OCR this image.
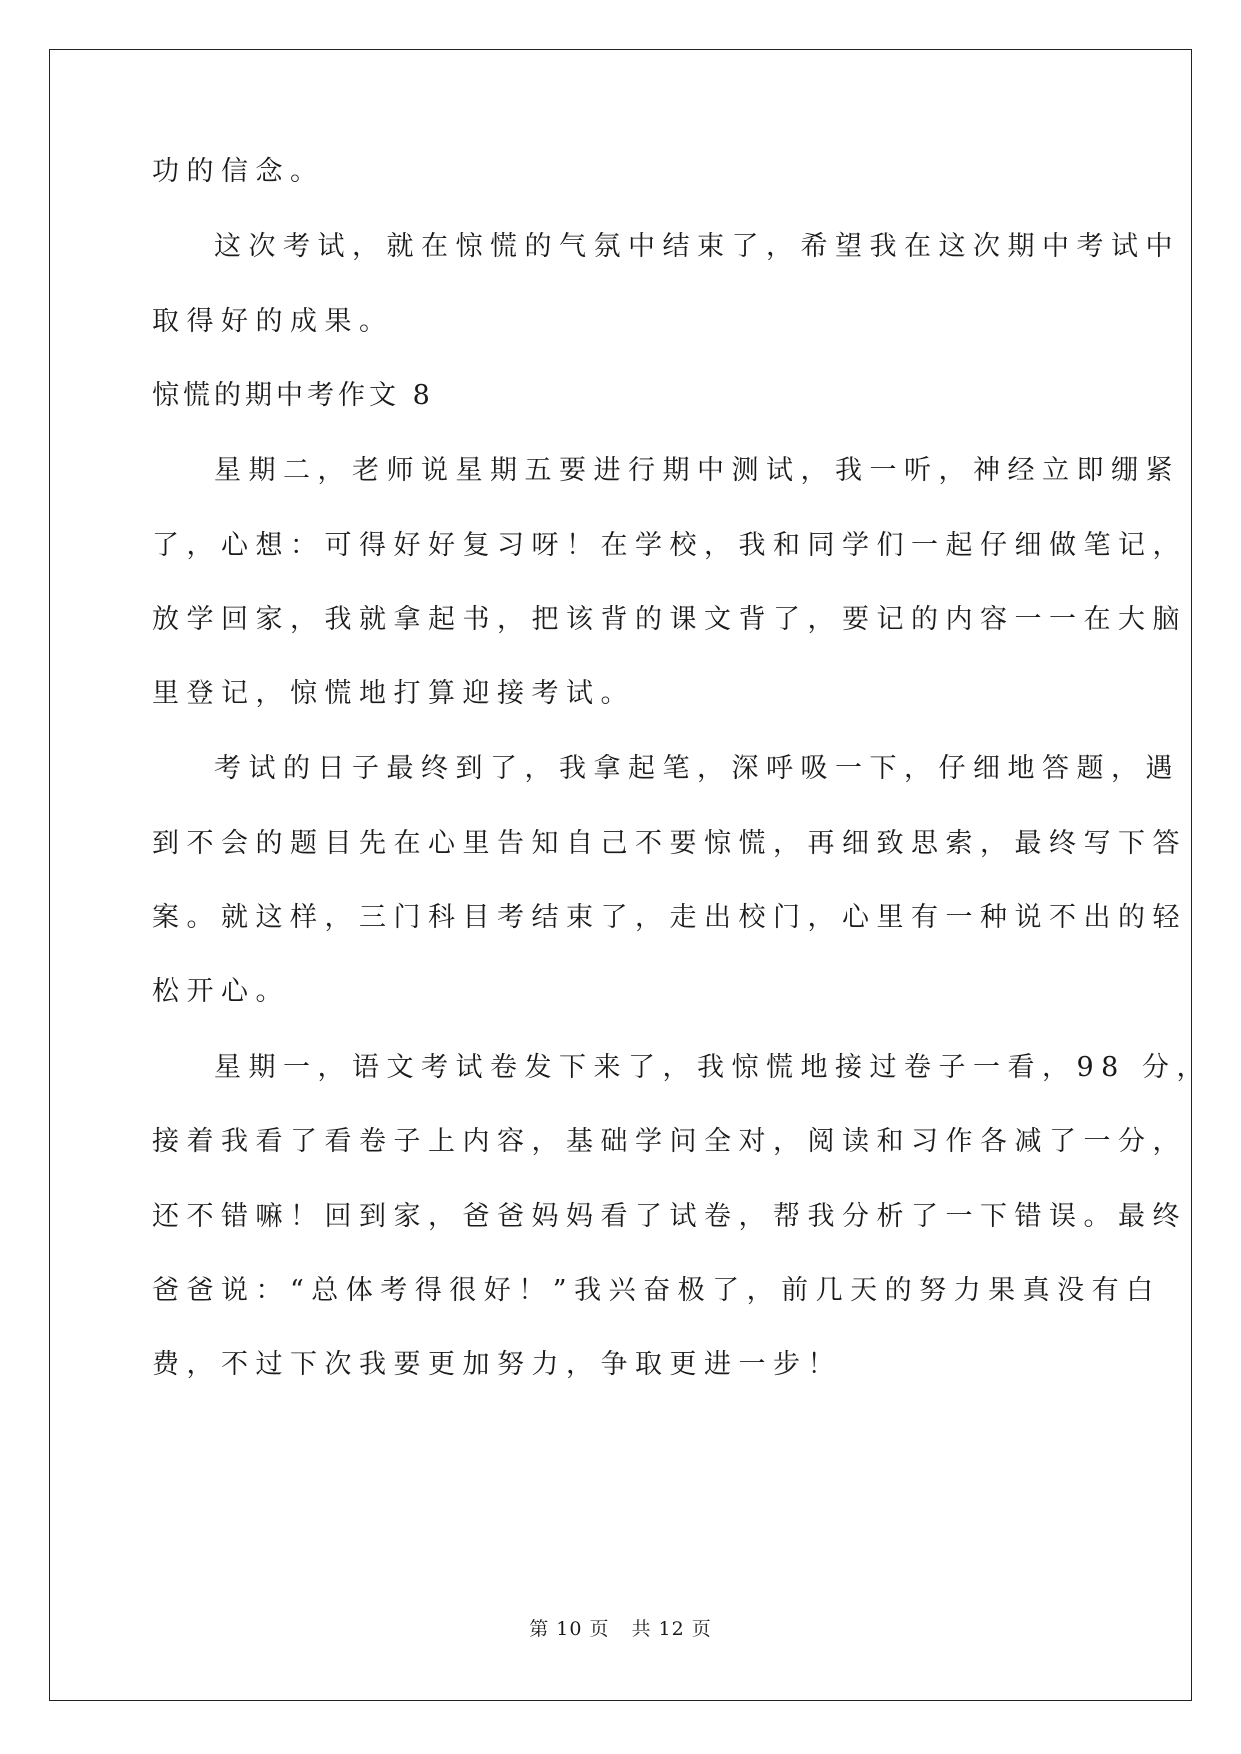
功的信念。
这次考试，就在惊慌的气氛中结束了，希望我在这次期中考试中
取得好的成果。
惊慌的期中考作文 8
星期二，老师说星期五要进行期中测试，我一听，神经立即绷紧
了，心想：可得好好复习呀！在学校，我和同学们一起仔细做笔记，
放学回家，我就拿起书，把该背的课文背了，要记的内容一一在大脑
里登记，惊慌地打算迎接考试。
考试的日子最终到了，我拿起笔，深呼吸一下，仔细地答题，遇
到不会的题目先在心里告知自己不要惊慌，再细致思索，最终写下答
案。就这样，三门科目考结束了，走出校门，心里有一种说不出的轻
松开心。
星期一，语文考试卷发下来了，我惊慌地接过卷子一看，98 分，
接着我看了看卷子上内容，基础学问全对，阅读和习作各减了一分，
还不错嘛！回到家，爸爸妈妈看了试卷，帮我分析了一下错误。最终
爸爸说：“总体考得很好！”我兴奋极了，前几天的努力果真没有白
费，不过下次我要更加努力，争取更进一步！
第 10 页 共 12 页
